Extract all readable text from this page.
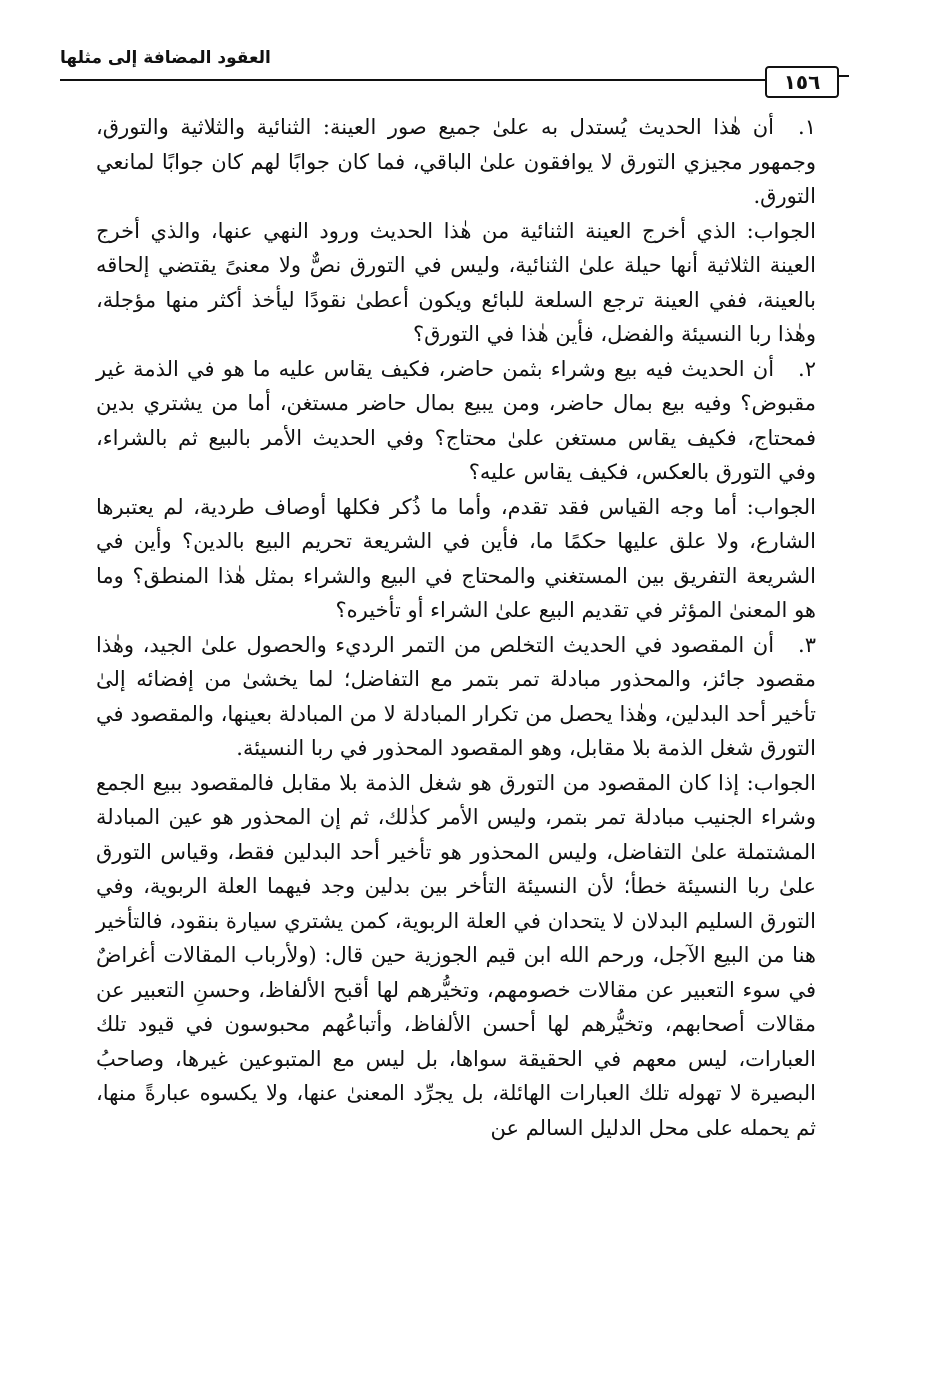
العقود المضافة إلى مثلها
١٥٦

١.أن هٰذا الحديث يُستدل به علىٰ جميع صور العينة: الثنائية والثلاثية والتورق، وجمهور مجيزي التورق لا يوافقون علىٰ الباقي، فما كان جوابًا لهم كان جوابًا لمانعي التورق.

الجواب: الذي أخرج العينة الثنائية من هٰذا الحديث ورود النهي عنها، والذي أخرج العينة الثلاثية أنها حيلة علىٰ الثنائية، وليس في التورق نصٌّ ولا معنىً يقتضي إلحاقه بالعينة، ففي العينة ترجع السلعة للبائع ويكون أعطىٰ نقودًا ليأخذ أكثر منها مؤجلة، وهٰذا ربا النسيئة والفضل، فأين هٰذا في التورق؟

٢.أن الحديث فيه بيع وشراء بثمن حاضر، فكيف يقاس عليه ما هو في الذمة غير مقبوض؟ وفيه بيع بمال حاضر، ومن يبيع بمال حاضر مستغن، أما من يشتري بدين فمحتاج، فكيف يقاس مستغن علىٰ محتاج؟ وفي الحديث الأمر بالبيع ثم بالشراء، وفي التورق بالعكس، فكيف يقاس عليه؟

الجواب: أما وجه القياس فقد تقدم، وأما ما ذُكر فكلها أوصاف طردية، لم يعتبرها الشارع، ولا علق عليها حكمًا ما، فأين في الشريعة تحريم البيع بالدين؟ وأين في الشريعة التفريق بين المستغني والمحتاج في البيع والشراء بمثل هٰذا المنطق؟ وما هو المعنىٰ المؤثر في تقديم البيع علىٰ الشراء أو تأخيره؟

٣.أن المقصود في الحديث التخلص من التمر الرديء والحصول علىٰ الجيد، وهٰذا مقصود جائز، والمحذور مبادلة تمر بتمر مع التفاضل؛ لما يخشىٰ من إفضائه إلىٰ تأخير أحد البدلين، وهٰذا يحصل من تكرار المبادلة لا من المبادلة بعينها، والمقصود في التورق شغل الذمة بلا مقابل، وهو المقصود المحذور في ربا النسيئة.

الجواب: إذا كان المقصود من التورق هو شغل الذمة بلا مقابل فالمقصود ببيع الجمع وشراء الجنيب مبادلة تمر بتمر، وليس الأمر كذٰلك، ثم إن المحذور هو عين المبادلة المشتملة علىٰ التفاضل، وليس المحذور هو تأخير أحد البدلين فقط، وقياس التورق علىٰ ربا النسيئة خطأ؛ لأن النسيئة التأخر بين بدلين وجد فيهما العلة الربوية، وفي التورق السليم البدلان لا يتحدان في العلة الربوية، كمن يشتري سيارة بنقود، فالتأخير هنا من البيع الآجل، ورحم الله ابن قيم الجوزية حين قال: (ولأرباب المقالات أغراضٌ في سوء التعبير عن مقالات خصومهم، وتخيُّرهم لها أقبح الألفاظ، وحسنِ التعبير عن مقالات أصحابهم، وتخيُّرهم لها أحسن الألفاظ، وأتباعُهم محبوسون في قيود تلك العبارات، ليس معهم في الحقيقة سواها، بل ليس مع المتبوعين غيرها، وصاحبُ البصيرة لا تهوله تلك العبارات الهائلة، بل يجرِّد المعنىٰ عنها، ولا يكسوه عبارةً منها، ثم يحمله على محل الدليل السالم عن
